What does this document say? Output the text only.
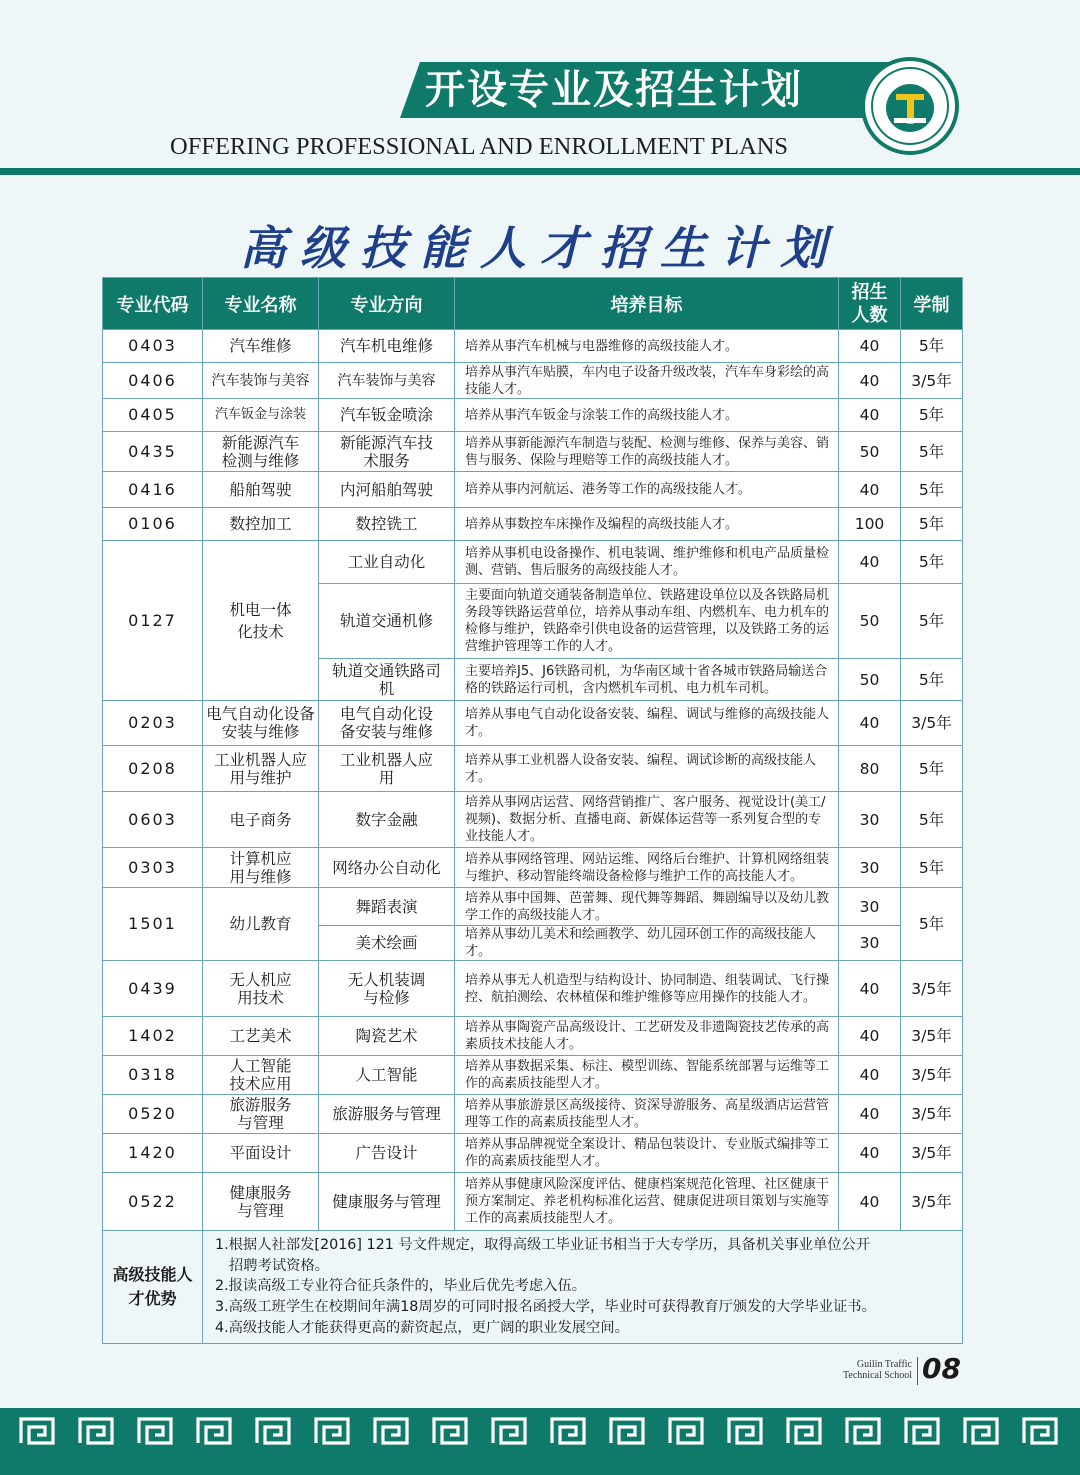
开设专业及招生计划
OFFERING PROFESSIONAL AND ENROLLMENT PLANS
高级技能人才招生计划
专业代码	专业名称	专业方向	培养目标	招生人数	学制
0403	汽车维修	汽车机电维修	培养从事汽车机械与电器维修的高级技能人才。	40	5年
0406	汽车装饰与美容	汽车装饰与美容	培养从事汽车贴膜，车内电子设备升级改装，汽车车身彩绘的高技能人才。	40	3/5年
0405	汽车钣金与涂装	汽车钣金喷涂	培养从事汽车钣金与涂装工作的高级技能人才。	40	5年
0435	新能源汽车检测与维修	新能源汽车技术服务	培养从事新能源汽车制造与装配、检测与维修、保养与美容、销售与服务、保险与理赔等工作的高级技能人才。	50	5年
0416	船舶驾驶	内河船舶驾驶	培养从事内河航运、港务等工作的高级技能人才。	40	5年
0106	数控加工	数控铣工	培养从事数控车床操作及编程的高级技能人才。	100	5年
0127	机电一体化技术	工业自动化	培养从事机电设备操作、机电装调、维护维修和机电产品质量检测、营销、售后服务的高级技能人才。	40	5年
		轨道交通机修	主要面向轨道交通装备制造单位、铁路建设单位以及各铁路局机务段等铁路运营单位，培养从事动车组、内燃机车、电力机车的检修与维护，铁路牵引供电设备的运营管理，以及铁路工务的运营维护管理等工作的人才。	50	5年
		轨道交通铁路司机	主要培养J5、J6铁路司机，为华南区域十省各城市铁路局输送合格的铁路运行司机，含内燃机车司机、电力机车司机。	50	5年
0203	电气自动化设备安装与维修	电气自动化设备安装与维修	培养从事电气自动化设备安装、编程、调试与维修的高级技能人才。	40	3/5年
0208	工业机器人应用与维护	工业机器人应用	培养从事工业机器人设备安装、编程、调试诊断的高级技能人才。	80	5年
0603	电子商务	数字金融	培养从事网店运营、网络营销推广、客户服务、视觉设计(美工/视频)、数据分析、直播电商、新媒体运营等一系列复合型的专业技能人才。	30	5年
0303	计算机应用与维修	网络办公自动化	培养从事网络管理、网站运维、网络后台维护、计算机网络组装与维护、移动智能终端设备检修与维护工作的高技能人才。	30	5年
1501	幼儿教育	舞蹈表演	培养从事中国舞、芭蕾舞、现代舞等舞蹈、舞剧编导以及幼儿教学工作的高级技能人才。	30	5年
		美术绘画	培养从事幼儿美术和绘画教学、幼儿园环创工作的高级技能人才。	30	
0439	无人机应用技术	无人机装调与检修	培养从事无人机造型与结构设计、协同制造、组装调试、飞行操控、航拍测绘、农林植保和维护维修等应用操作的技能人才。	40	3/5年
1402	工艺美术	陶瓷艺术	培养从事陶瓷产品高级设计、工艺研发及非遗陶瓷技艺传承的高素质技术技能人才。	40	3/5年
0318	人工智能技术应用	人工智能	培养从事数据采集、标注、模型训练、智能系统部署与运维等工作的高素质技能型人才。	40	3/5年
0520	旅游服务与管理	旅游服务与管理	培养从事旅游景区高级接待、资深导游服务、高星级酒店运营管理等工作的高素质技能型人才。	40	3/5年
1420	平面设计	广告设计	培养从事品牌视觉全案设计、精品包装设计、专业版式编排等工作的高素质技能型人才。	40	3/5年
0522	健康服务与管理	健康服务与管理	培养从事健康风险深度评估、健康档案规范化管理、社区健康干预方案制定、养老机构标准化运营、健康促进项目策划与实施等工作的高素质技能型人才。	40	3/5年
高级技能人才优势	1.根据人社部发[2016] 121 号文件规定，取得高级工毕业证书相当于大专学历，具备机关事业单位公开
招聘考试资格。
2.报读高级工专业符合征兵条件的，毕业后优先考虑入伍。
3.高级工班学生在校期间年满18周岁的可同时报名函授大学，毕业时可获得教育厅颁发的大学毕业证书。
4.高级技能人才能获得更高的薪资起点，更广阔的职业发展空间。				
Guilin Traffic
Technical School 08
